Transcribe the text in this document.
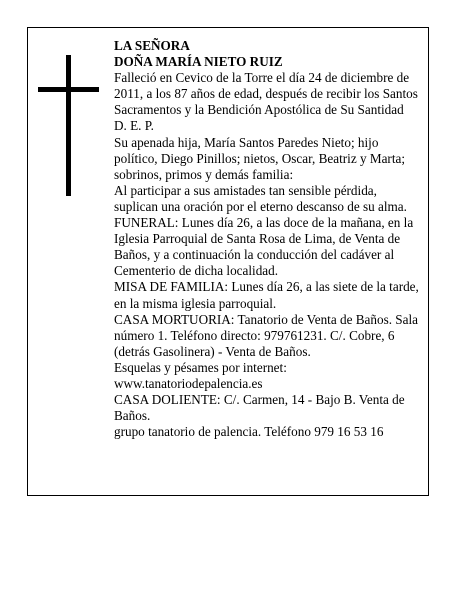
LA SEÑORA
DOÑA MARÍA NIETO RUIZ
Falleció en Cevico de la Torre el día 24 de diciembre de 2011, a los 87 años de edad, después de recibir los Santos Sacramentos y la Bendición Apostólica de Su Santidad
D. E. P.
Su apenada hija, María Santos Paredes Nieto; hijo político, Diego Pinillos; nietos, Oscar, Beatriz y Marta; sobrinos, primos y demás familia:
Al participar a sus amistades tan sensible pérdida, suplican una oración por el eterno descanso de su alma.
FUNERAL: Lunes día 26, a las doce de la mañana, en la Iglesia Parroquial de Santa Rosa de Lima, de Venta de Baños, y a continuación la conducción del cadáver al Cementerio de dicha localidad.
MISA DE FAMILIA: Lunes día 26, a las siete de la tarde, en la misma iglesia parroquial.
CASA MORTUORIA: Tanatorio de Venta de Baños. Sala número 1. Teléfono directo: 979761231. C/. Cobre, 6 (detrás Gasolinera) - Venta de Baños.
Esquelas y pésames por internet:
www.tanatoriodepalencia.es
CASA DOLIENTE: C/. Carmen, 14 - Bajo B. Venta de Baños.
grupo tanatorio de palencia. Teléfono 979 16 53 16
